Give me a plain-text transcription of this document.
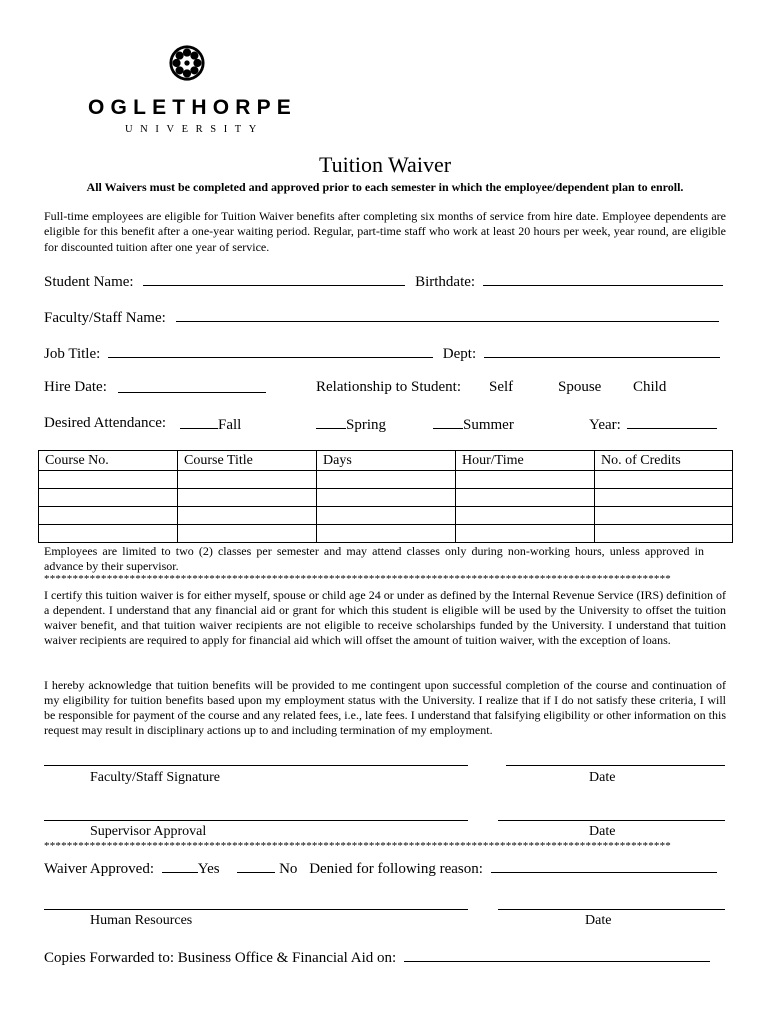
OGLETHORPE
UNIVERSITY
Tuition Waiver
All Waivers must be completed and approved prior to each semester in which the employee/dependent plan to enroll.
Full-time employees are eligible for Tuition Waiver benefits after completing six months of service from hire date. Employee dependents are eligible for this benefit after a one-year waiting period. Regular, part-time staff who work at least 20 hours per week, year round, are eligible for discounted tuition after one year of service.
Student Name:	Birthdate:
Faculty/Staff Name:
Job Title:	Dept:
Hire Date:	Relationship to Student: Self	Spouse Child
Desired Attendance:	Fall	Spring	Summer	Year:
Course No.	Course Title	Days	Hour/Time	No. of Credits

Employees are limited to two (2) classes per semester and may attend classes only during non-working hours, unless approved in advance by their supervisor.
**************************************************************************************************************
I certify this tuition waiver is for either myself, spouse or child age 24 or under as defined by the Internal Revenue Service (IRS) definition of a dependent. I understand that any financial aid or grant for which this student is eligible will be used by the University to offset the tuition waiver benefit, and that tuition waiver recipients are not eligible to receive scholarships funded by the University. I understand that tuition waiver recipients are required to apply for financial aid which will offset the amount of tuition waiver, with the exception of loans.
I hereby acknowledge that tuition benefits will be provided to me contingent upon successful completion of the course and continuation of my eligibility for tuition benefits based upon my employment status with the University. I realize that if I do not satisfy these criteria, I will be responsible for payment of the course and any related fees, i.e., late fees. I understand that falsifying eligibility or other information on this request may result in disciplinary actions up to and including termination of my employment.
Faculty/Staff Signature	Date
Supervisor Approval	Date
**************************************************************************************************************
Waiver Approved:	Yes	No Denied for following reason:
Human Resources	Date
Copies Forwarded to: Business Office & Financial Aid on:
